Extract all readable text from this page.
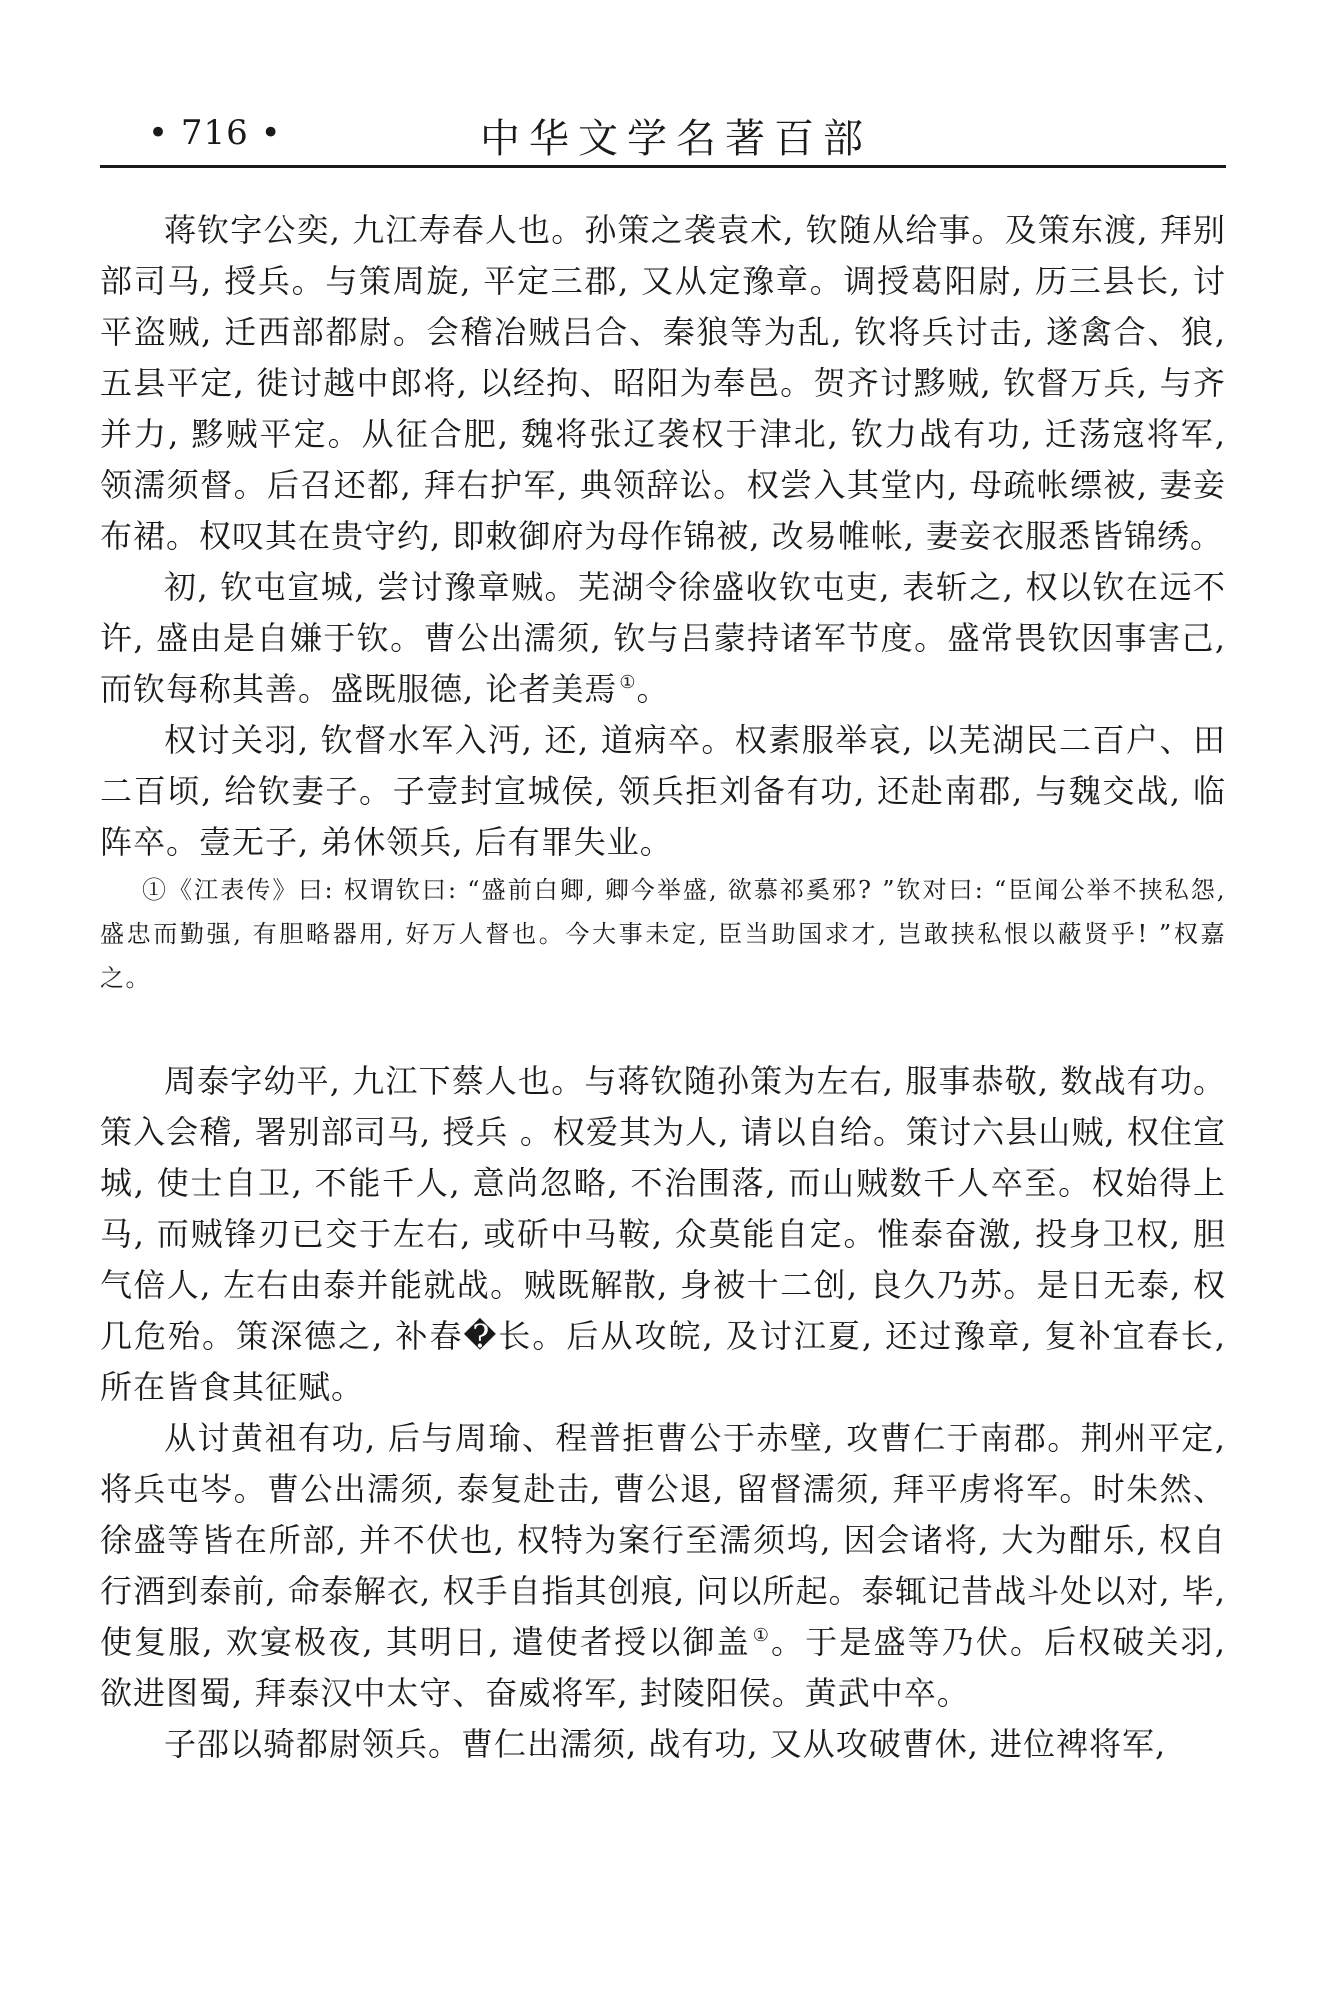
• 716 •	中华文学名著百部

蒋钦字公奕, 九江寿春人也。孙策之袭袁术, 钦随从给事。及策东渡, 拜别部司马, 授兵。与策周旋, 平定三郡, 又从定豫章。调授葛阳尉, 历三县长, 讨平盗贼, 迁西部都尉。会稽冶贼吕合、秦狼等为乱, 钦将兵讨击, 遂禽合、狼, 五县平定, 徙讨越中郎将, 以经拘、昭阳为奉邑。贺齐讨黟贼, 钦督万兵, 与齐并力, 黟贼平定。从征合肥, 魏将张辽袭权于津北, 钦力战有功, 迁荡寇将军, 领濡须督。后召还都, 拜右护军, 典领辞讼。权尝入其堂内, 母疏帐缥被, 妻妾布裙。权叹其在贵守约, 即敕御府为母作锦被, 改易帷帐, 妻妾衣服悉皆锦绣。

初, 钦屯宣城, 尝讨豫章贼。芜湖令徐盛收钦屯吏, 表斩之, 权以钦在远不许, 盛由是自嫌于钦。曹公出濡须, 钦与吕蒙持诸军节度。盛常畏钦因事害己, 而钦每称其善。盛既服德, 论者美焉 ①。

权讨关羽, 钦督水军入沔, 还, 道病卒。权素服举哀, 以芜湖民二百户、田二百顷, 给钦妻子。子壹封宣城侯, 领兵拒刘备有功, 还赴南郡, 与魏交战, 临阵卒。壹无子, 弟休领兵, 后有罪失业。

①《江表传》曰: 权谓钦曰: “盛前白卿, 卿今举盛, 欲慕祁奚邪? ”钦对曰: “臣闻公举不挟私怨, 盛忠而勤强, 有胆略器用, 好万人督也。今大事未定, 臣当助国求才, 岂敢挟私恨以蔽贤乎! ”权嘉之。

周泰字幼平, 九江下蔡人也。与蒋钦随孙策为左右, 服事恭敬, 数战有功。策入会稽, 署别部司马, 授兵 。权爱其为人, 请以自给。策讨六县山贼, 权住宣城, 使士自卫, 不能千人, 意尚忽略, 不治围落, 而山贼数千人卒至。权始得上马, 而贼锋刃已交于左右, 或斫中马鞍, 众莫能自定。惟泰奋激, 投身卫权, 胆气倍人, 左右由泰并能就战。贼既解散, 身被十二创, 良久乃苏。是日无泰, 权几危殆。策深德之, 补春�长。后从攻皖, 及讨江夏, 还过豫章, 复补宜春长, 所在皆食其征赋。

从讨黄祖有功, 后与周瑜、程普拒曹公于赤壁, 攻曹仁于南郡。荆州平定, 将兵屯岑。曹公出濡须, 泰复赴击, 曹公退, 留督濡须, 拜平虏将军。时朱然、徐盛等皆在所部, 并不伏也, 权特为案行至濡须坞, 因会诸将, 大为酣乐, 权自行酒到泰前, 命泰解衣, 权手自指其创痕, 问以所起。泰辄记昔战斗处以对, 毕, 使复服, 欢宴极夜, 其明日, 遣使者授以御盖 ①。于是盛等乃伏。后权破关羽, 欲进图蜀, 拜泰汉中太守、奋威将军, 封陵阳侯。黄武中卒。

子邵以骑都尉领兵。曹仁出濡须, 战有功, 又从攻破曹休, 进位裨将军,
